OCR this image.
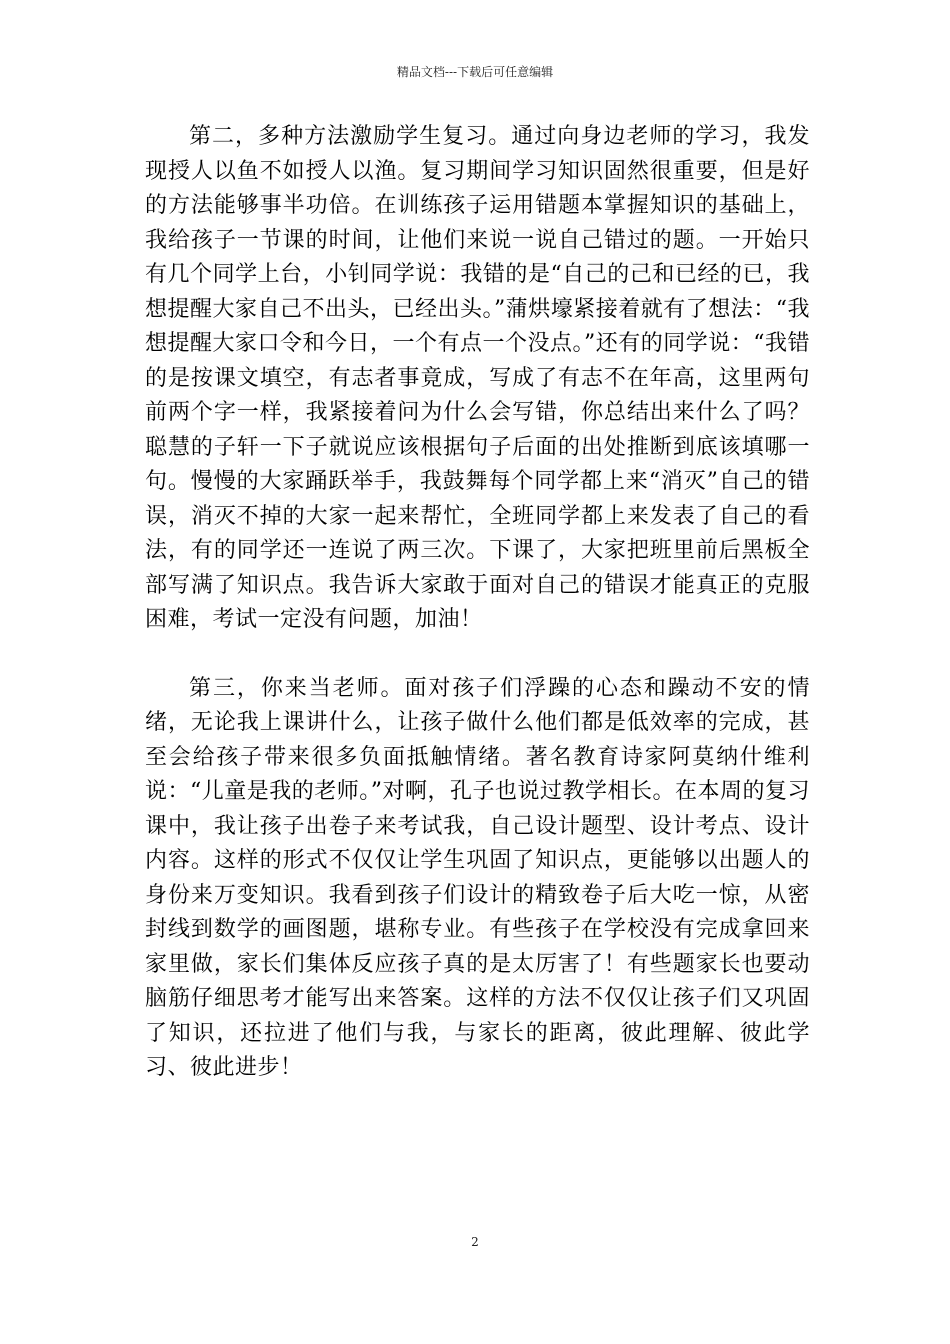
精品文档---下载后可任意编辑

第二，多种方法激励学生复习。通过向身边老师的学习，我发现授人以鱼不如授人以渔。复习期间学习知识固然很重要，但是好的方法能够事半功倍。在训练孩子运用错题本掌握知识的基础上，我给孩子一节课的时间，让他们来说一说自己错过的题。一开始只有几个同学上台，小钊同学说：我错的是“自己的己和已经的已，我想提醒大家自己不出头，已经出头。”蒲烘壕紧接着就有了想法：“我想提醒大家口令和今日，一个有点一个没点。”还有的同学说：“我错的是按课文填空，有志者事竟成，写成了有志不在年高，这里两句前两个字一样，我紧接着问为什么会写错，你总结出来什么了吗？聪慧的子轩一下子就说应该根据句子后面的出处推断到底该填哪一句。慢慢的大家踊跃举手，我鼓舞每个同学都上来“消灭”自己的错误，消灭不掉的大家一起来帮忙，全班同学都上来发表了自己的看法，有的同学还一连说了两三次。下课了，大家把班里前后黑板全部写满了知识点。我告诉大家敢于面对自己的错误才能真正的克服困难，考试一定没有问题，加油！

第三，你来当老师。面对孩子们浮躁的心态和躁动不安的情绪，无论我上课讲什么，让孩子做什么他们都是低效率的完成，甚至会给孩子带来很多负面抵触情绪。著名教育诗家阿莫纳什维利说：“儿童是我的老师。”对啊，孔子也说过教学相长。在本周的复习课中，我让孩子出卷子来考试我，自己设计题型、设计考点、设计内容。这样的形式不仅仅让学生巩固了知识点，更能够以出题人的身份来万变知识。我看到孩子们设计的精致卷子后大吃一惊，从密封线到数学的画图题，堪称专业。有些孩子在学校没有完成拿回来家里做，家长们集体反应孩子真的是太厉害了！有些题家长也要动脑筋仔细思考才能写出来答案。这样的方法不仅仅让孩子们又巩固了知识，还拉进了他们与我，与家长的距离，彼此理解、彼此学习、彼此进步！

2
